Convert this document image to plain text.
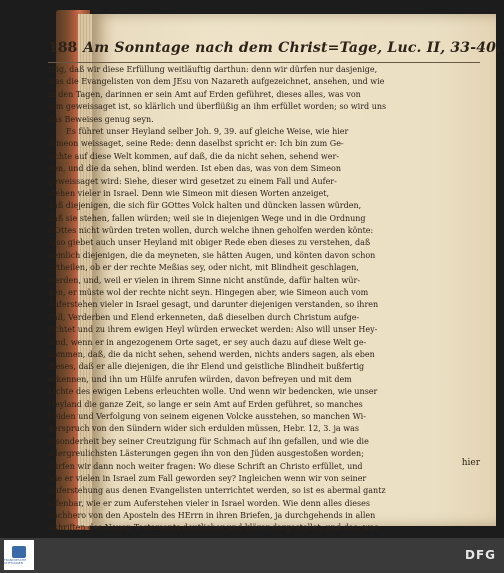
188 Am Sonntage nach dem Christ=Tage, Luc. II, 33-40.
thig, daß wir diese Erfüllung weitläuftig darthun: denn wir dürfen nur dasjenige,
was die Evangelisten von dem JEsu von Nazareth aufgezeichnet, ansehen, und wie
in den Tagen, darinnen er sein Amt auf Erden geführet, dieses alles, was von
ihm geweissaget ist, so klärlich und überflüßig an ihm erfüllet worden; so wird uns
das Beweises genug seyn.
Es führet unser Heyland selber Joh. 9, 39. auf gleiche Weise, wie hier
Simeon weissaget, seine Rede: denn daselbst spricht er: Ich bin zum Ge-
richte auf diese Welt kommen, auf daß, die da nicht sehen, sehend wer-
den, und die da sehen, blind werden. Ist eben das, was von dem Simeon
geweissaget wird: Siehe, dieser wird gesetzet zu einem Fall und Aufer-
stehen vieler in Israel. Denn wie Simeon mit diesen Worten anzeiget,
daß diejenigen, die sich für GOttes Volck halten und düncken lassen würden,
daß sie stehen, fallen würden; weil sie in diejenigen Wege und in die Ordnung
GOttes nicht würden treten wollen, durch welche ihnen geholfen werden könte:
Also giebet auch unser Heyland mit obiger Rede eben dieses zu verstehen, daß
nemlich diejenigen, die da meyneten, sie hätten Augen, und könten davon schon
urtheilen, ob er der rechte Meßias sey, oder nicht, mit Blindheit geschlagen,
werden, und, weil er vielen in ihrem Sinne nicht anstünde, dafür halten wür-
den, er müste wol der rechte nicht seyn. Hingegen aber, wie Simeon auch vom
Auferstehen vieler in Israel gesagt, und darunter diejenigen verstanden, so ihren
Fall, Verderben und Elend erkenneten, daß dieselben durch Christum aufge-
richtet und zu ihrem ewigen Heyl würden erwecket werden: Also will unser Hey-
land, wenn er in angezogenem Orte saget, er sey auch dazu auf diese Welt ge-
kommen, daß, die da nicht sehen, sehend werden, nichts anders sagen, als eben
dieses, daß er alle diejenigen, die ihr Elend und geistliche Blindheit bußfertig
erkennen, und ihn um Hülfe anrufen würden, davon befreyen und mit dem
Lichte des ewigen Lebens erleuchten wolle. Und wenn wir bedencken, wie unser
Heyland die ganze Zeit, so lange er sein Amt auf Erden geführet, so manches
Leiden und Verfolgung von seinem eigenen Volcke ausstehen, so manchen Wi-
derspruch von den Sündern wider sich erdulden müssen, Hebr. 12, 3. ja was
insonderheit bey seiner Creutzigung für Schmach auf ihn gefallen, und wie die
allergreulichsten Lästerungen gegen ihn von den Jüden ausgestoßen worden;
dürfen wir dann noch weiter fragen: Wo diese Schrift an Christo erfüllet, und
wie er vielen in Israel zum Fall geworden sey? Ingleichen wenn wir von seiner
Auferstehung aus denen Evangelisten unterrichtet werden, so ist es abermal gantz
offenbar, wie er zum Auferstehen vieler in Israel worden. Wie denn alles dieses
nachhero von den Aposteln des HErrn in ihren Briefen, ja durchgehends in allen
Schriften des Neuen Testaments deutlicher und klärer dargestellet, und das, was
hier
FRANCKESCHE STIFTUNGEN
DFG
